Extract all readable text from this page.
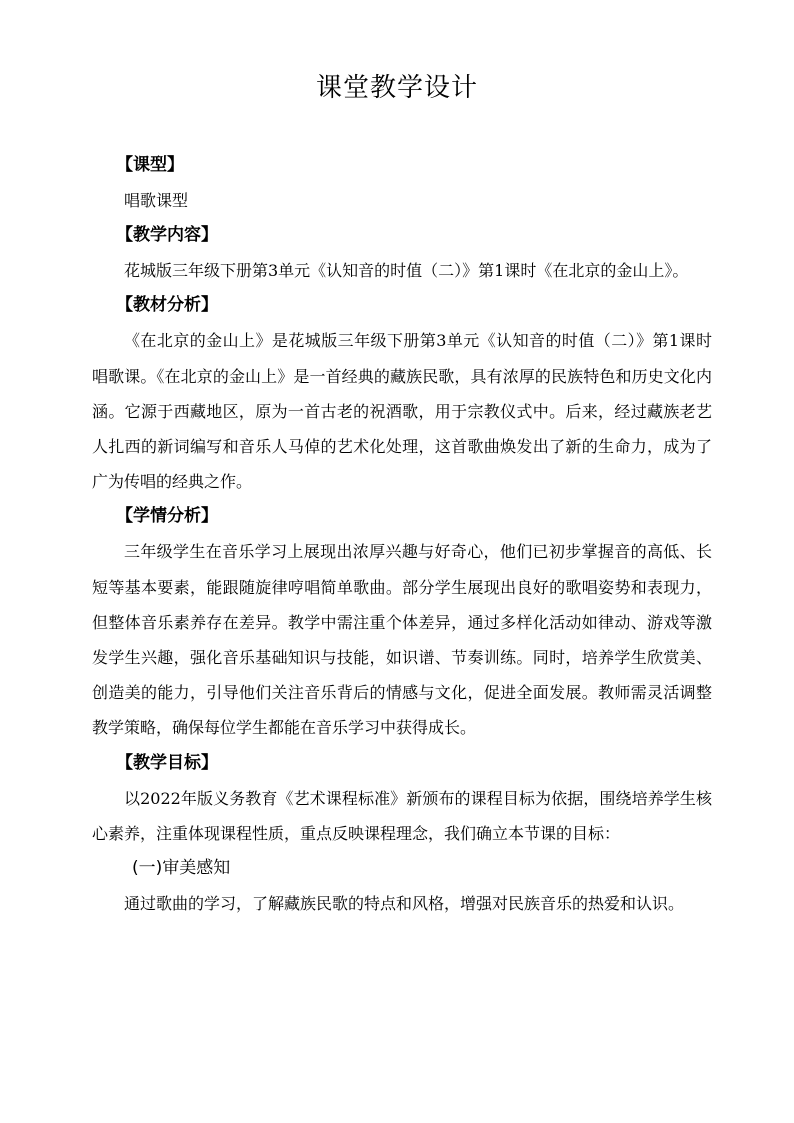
课堂教学设计

【课型】

唱歌课型

【教学内容】

花城版三年级下册第3单元《认知音的时值（二）》第1课时《在北京的金山上》。

【教材分析】

《在北京的金山上》是花城版三年级下册第3单元《认知音的时值（二）》第1课时唱歌课。《在北京的金山上》是一首经典的藏族民歌，具有浓厚的民族特色和历史文化内涵。它源于西藏地区，原为一首古老的祝酒歌，用于宗教仪式中。后来，经过藏族老艺人扎西的新词编写和音乐人马倬的艺术化处理，这首歌曲焕发出了新的生命力，成为了广为传唱的经典之作。

【学情分析】

三年级学生在音乐学习上展现出浓厚兴趣与好奇心，他们已初步掌握音的高低、长短等基本要素，能跟随旋律哼唱简单歌曲。部分学生展现出良好的歌唱姿势和表现力，但整体音乐素养存在差异。教学中需注重个体差异，通过多样化活动如律动、游戏等激发学生兴趣，强化音乐基础知识与技能，如识谱、节奏训练。同时，培养学生欣赏美、创造美的能力，引导他们关注音乐背后的情感与文化，促进全面发展。教师需灵活调整教学策略，确保每位学生都能在音乐学习中获得成长。

【教学目标】

以2022年版义务教育《艺术课程标准》新颁布的课程目标为依据，围绕培养学生核心素养，注重体现课程性质，重点反映课程理念，我们确立本节课的目标：

(一)审美感知

通过歌曲的学习，了解藏族民歌的特点和风格，增强对民族音乐的热爱和认识。
